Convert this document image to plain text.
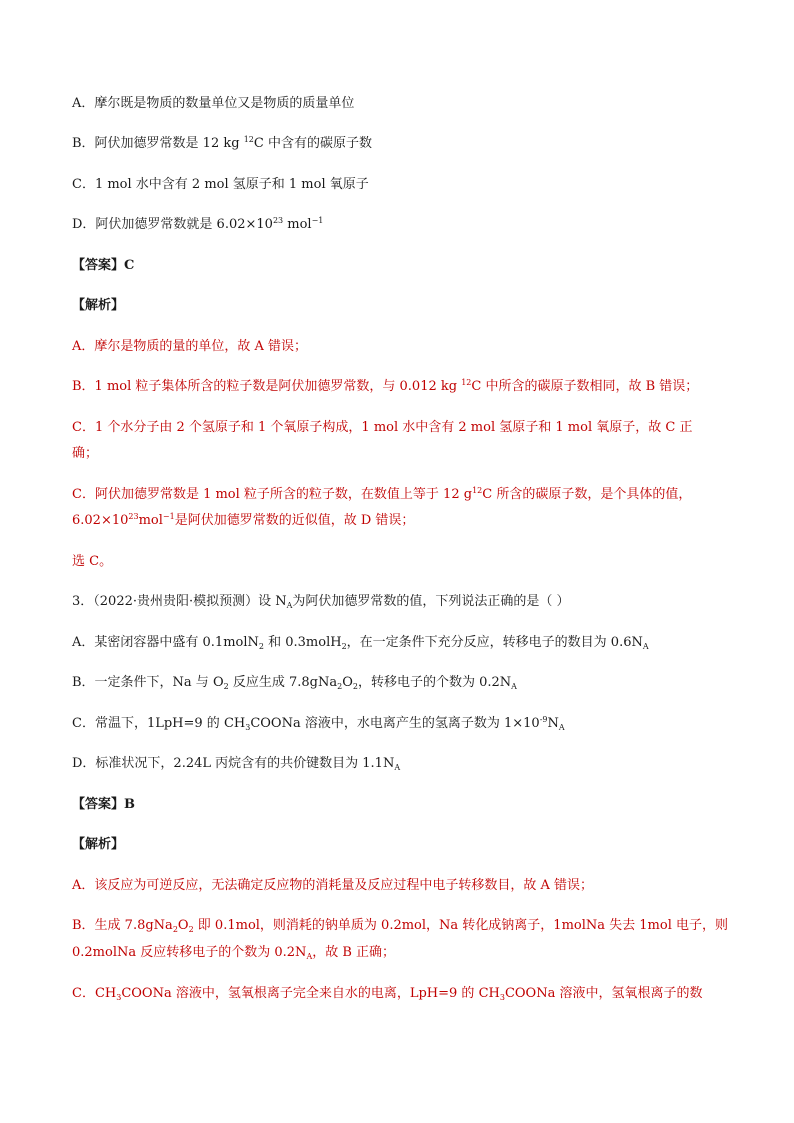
A．摩尔既是物质的数量单位又是物质的质量单位
B．阿伏加德罗常数是 12 kg $^{12}$C 中含有的碳原子数
C．1 mol 水中含有 2 mol 氢原子和 1 mol 氧原子
D．阿伏加德罗常数就是 $6.02\times 10^{23}$ mol$^{-1}$
【答案】C
【解析】
A．摩尔是物质的量的单位，故 A 错误；
B．1 mol 粒子集体所含的粒子数是阿伏加德罗常数，与 0.012 kg $^{12}$C 中所含的碳原子数相同，故 B 错误；
C．1 个水分子由 2 个氢原子和 1 个氧原子构成，1 mol 水中含有 2 mol 氢原子和 1 mol 氧原子，故 C 正
确；
C．阿伏加德罗常数是 1 mol 粒子所含的粒子数，在数值上等于 12 $g^{12}C$ 所含的碳原子数，是个具体的值，
$6.02\times 10^{23}mol^{-1}$是阿伏加德罗常数的近似值，故 D 错误；
选 C。
3．（2022·贵州贵阳·模拟预测）设 $N_A$为阿伏加德罗常数的值，下列说法正确的是（ ）
A．某密闭容器中盛有 0.1molN$_2$ 和 0.3molH$_2$，在一定条件下充分反应，转移电子的数目为 $0.6N_A$
B．一定条件下，Na 与 $O_2$ 反应生成 $7.8gNa_2O_2$，转移电子的个数为 $0.2N_A$
C．常温下，1LpH=9 的 $CH_3COONa$ 溶液中，水电离产生的氢离子数为 $1\times 10^{-9}N_A$
D．标准状况下，2.24L 丙烷含有的共价键数目为 $1.1N_A$
【答案】B
【解析】
A．该反应为可逆反应，无法确定反应物的消耗量及反应过程中电子转移数目，故 A 错误；
B．生成 $7.8gNa_2O_2$ 即 0.1mol，则消耗的钠单质为 0.2mol，Na 转化成钠离子，1molNa 失去 1mol 电子，则
0.2molNa 反应转移电子的个数为 $0.2N_A$，故 B 正确；
C．$CH_3COONa$ 溶液中，氢氧根离子完全来自水的电离，LpH=9 的 $CH_3COONa$ 溶液中，氢氧根离子的数
